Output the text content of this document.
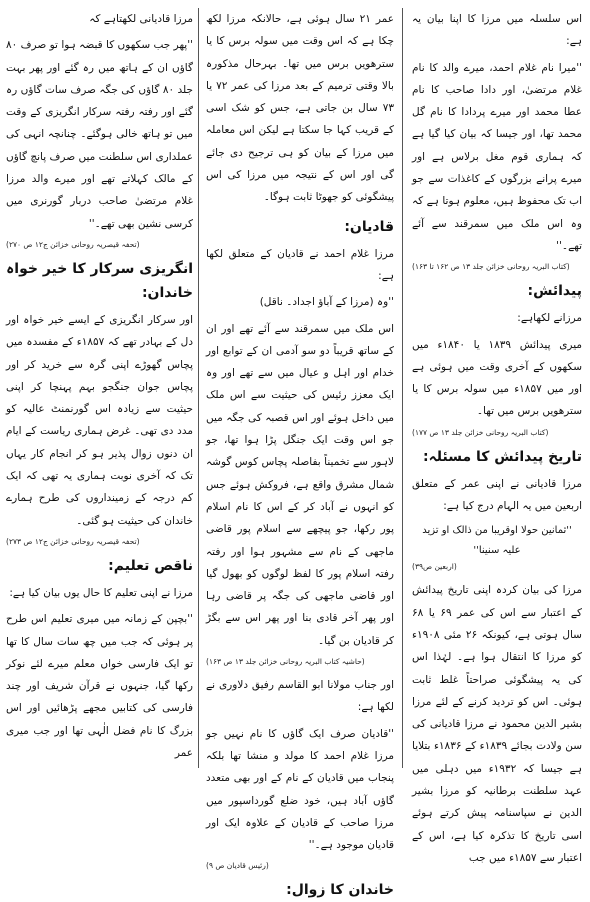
اس سلسلہ میں مرزا کا اپنا بیان یہ ہے:

''میرا نام غلام احمد، میرے والد کا نام غلام مرتضیٰ، اور دادا صاحب کا نام عطا محمد اور میرے پردادا کا نام گل محمد تھا، اور جیسا کہ بیان کیا گیا ہے کہ ہماری قوم مغل برلاس ہے اور میرے پرانے بزرگوں کے کاغذات سے جو اب تک محفوظ ہیں، معلوم ہوتا ہے کہ وہ اس ملک میں سمرقند سے آئے تھے۔''

(کتاب البریہ روحانی خزائن جلد ۱۳ ص ۱۶۲ تا ۱۶۳)
پیدائش:

مرزانے لکھاہے:

میری پیدائش ۱۸۳۹ یا ۱۸۴۰ء میں سکھوں کے آخری وقت میں ہوئی ہے اور میں ۱۸۵۷ء میں سولہ برس کا یا سترھویں برس میں تھا۔

(کتاب البریہ روحانی خزائن جلد ۱۳ ص ۱۷۷)
تاریخ پیدائش کا مسئلہ:

مرزا قادیانی نے اپنی عمر کے متعلق اربعین میں یہ الہام درج کیا ہے:

''ثمانین حولا اوقریبا من ذالک او تزید علیہ سنینا''
(اربعین ص۳۹)

مرزا کی بیان کردہ اپنی تاریخ پیدائش کے اعتبار سے اس کی عمر ۶۹ یا ۶۸ سال ہوتی ہے، کیونکہ ۲۶ مئی ۱۹۰۸ء کو مرزا کا انتقال ہوا ہے۔ لہٰذا اس کی یہ پیشگوئی صراحتاً غلط ثابت ہوئی۔ اس کو تردید کرنے کے لئے مرزا بشیر الدین محمود نے مرزا قادیانی کی سن ولادت بجائے ۱۸۳۹ء کے ۱۸۳۶ء بتلایا ہے جیسا کہ ۱۹۳۲ء میں دہلی میں عہد سلطنت برطانیہ کو مرزا بشیر الدین نے سپاسنامہ پیش کرتے ہوئے اسی تاریخ کا تذکرہ کیا ہے، اس کے اعتبار سے ۱۸۵۷ء میں جب

عمر ۲۱ سال ہوئی ہے، حالانکہ مرزا لکھ چکا ہے کہ اس وقت میں سولہ برس کا یا سترھویں برس میں تھا۔ بہرحال مذکورہ بالا وقتی ترمیم کے بعد مرزا کی عمر ۷۲ یا ۷۳ سال بن جاتی ہے، جس کو شک اسی کے قریب کہا جا سکتا ہے لیکن اس معاملہ میں مرزا کے بیان کو ہی ترجیح دی جائے گی اور اس کے نتیجہ میں مرزا کی اس پیشگوئی کو جھوٹا ثابت ہوگا۔

قادیان:

مرزا غلام احمد نے قادیان کے متعلق لکھا ہے:

''وہ (مرزا کے آباؤ اجداد۔ ناقل)

اس ملک میں سمرقند سے آئے تھے اور ان کے ساتھ قریباً دو سو آدمی ان کے توابع اور خدام اور اہل و عیال میں سے تھے اور وہ ایک معزز رئیس کی حیثیت سے اس ملک میں داخل ہوئے اور اس قصبہ کی جگہ میں جو اس وقت ایک جنگل پڑا ہوا تھا، جو لاہور سے تخمیناً بفاصلہ پچاس کوس گوشہ شمال مشرق واقع ہے، فروکش ہوئے جس کو انہوں نے آباد کر کے اس کا نام اسلام پور رکھا، جو پیچھے سے اسلام پور قاضی ماجھی کے نام سے مشہور ہوا اور رفتہ رفتہ اسلام پور کا لفظ لوگوں کو بھول گیا اور قاضی ماجھی کی جگہ پر قاضی رہا اور پھر آخر قادی بنا اور پھر اس سے بگڑ کر قادیان بن گیا۔

(حاشیہ کتاب البریہ روحانی خزائن جلد ۱۳ ص ۱۶۳)

اور جناب مولانا ابو القاسم رفیق دلاوری نے لکھا ہے:

''قادیان صرف ایک گاؤں کا نام نہیں جو مرزا غلام احمد کا مولد و منشا تھا بلکہ پنجاب میں قادیان کے نام کے اور بھی متعدد گاؤں آباد ہیں، خود ضلع گورداسپور میں مرزا صاحب کے قادیان کے علاوہ ایک اور قادیان موجود ہے۔''

(رئیس قادیان ص ۹)
خاندان کا زوال:

مرزا قادیانی لکھتاہے کہ

''پھر جب سکھوں کا قبضہ ہوا تو صرف ۸۰ گاؤں ان کے ہاتھ میں رہ گئے اور پھر بہت جلد ۸۰ گاؤں کی جگہ صرف سات گاؤں رہ گئے اور رفتہ رفتہ سرکار انگریزی کے وقت میں تو ہاتھ خالی ہوگئے۔ چنانچہ انہی کی عملداری اس سلطنت میں صرف پانچ گاؤں کے مالک کہلاتے تھے اور میرے والد مرزا غلام مرتضیٰ صاحب دربار گورنری میں کرسی نشین بھی تھے۔''

(تحفہ قیصریہ روحانی خزائن ج۱۲ ص ۲۷۰)
انگریزی سرکار کا خیر خواہ خاندان:

اور سرکار انگریزی کے ایسے خیر خواہ اور دل کے بہادر تھے کہ ۱۸۵۷ء کے مفسدہ میں پچاس گھوڑے اپنی گرہ سے خرید کر اور پچاس جوان جنگجو بہم پہنچا کر اپنی حیثیت سے زیادہ اس گورنمنٹ عالیہ کو مدد دی تھی۔ غرض ہماری ریاست کے ایام ان دنوں زوال پذیر ہو کر انجام کار یہاں تک کہ آخری نوبت ہماری یہ تھی کہ ایک کم درجہ کے زمینداروں کی طرح ہمارے خاندان کی حیثیت ہو گئی۔

(تحفہ قیصریہ روحانی خزائن ج۱۲ ص ۲۷۳)
ناقص تعلیم:

مرزا نے اپنی تعلیم کا حال یوں بیان کیا ہے:

''بچپن کے زمانہ میں میری تعلیم اس طرح پر ہوئی کہ جب میں چھ سات سال کا تھا تو ایک فارسی خواں معلم میرے لئے نوکر رکھا گیا، جنہوں نے قرآن شریف اور چند فارسی کی کتابیں مجھے پڑھائیں اور اس بزرگ کا نام فضل الٰہی تھا اور جب میری عمر
